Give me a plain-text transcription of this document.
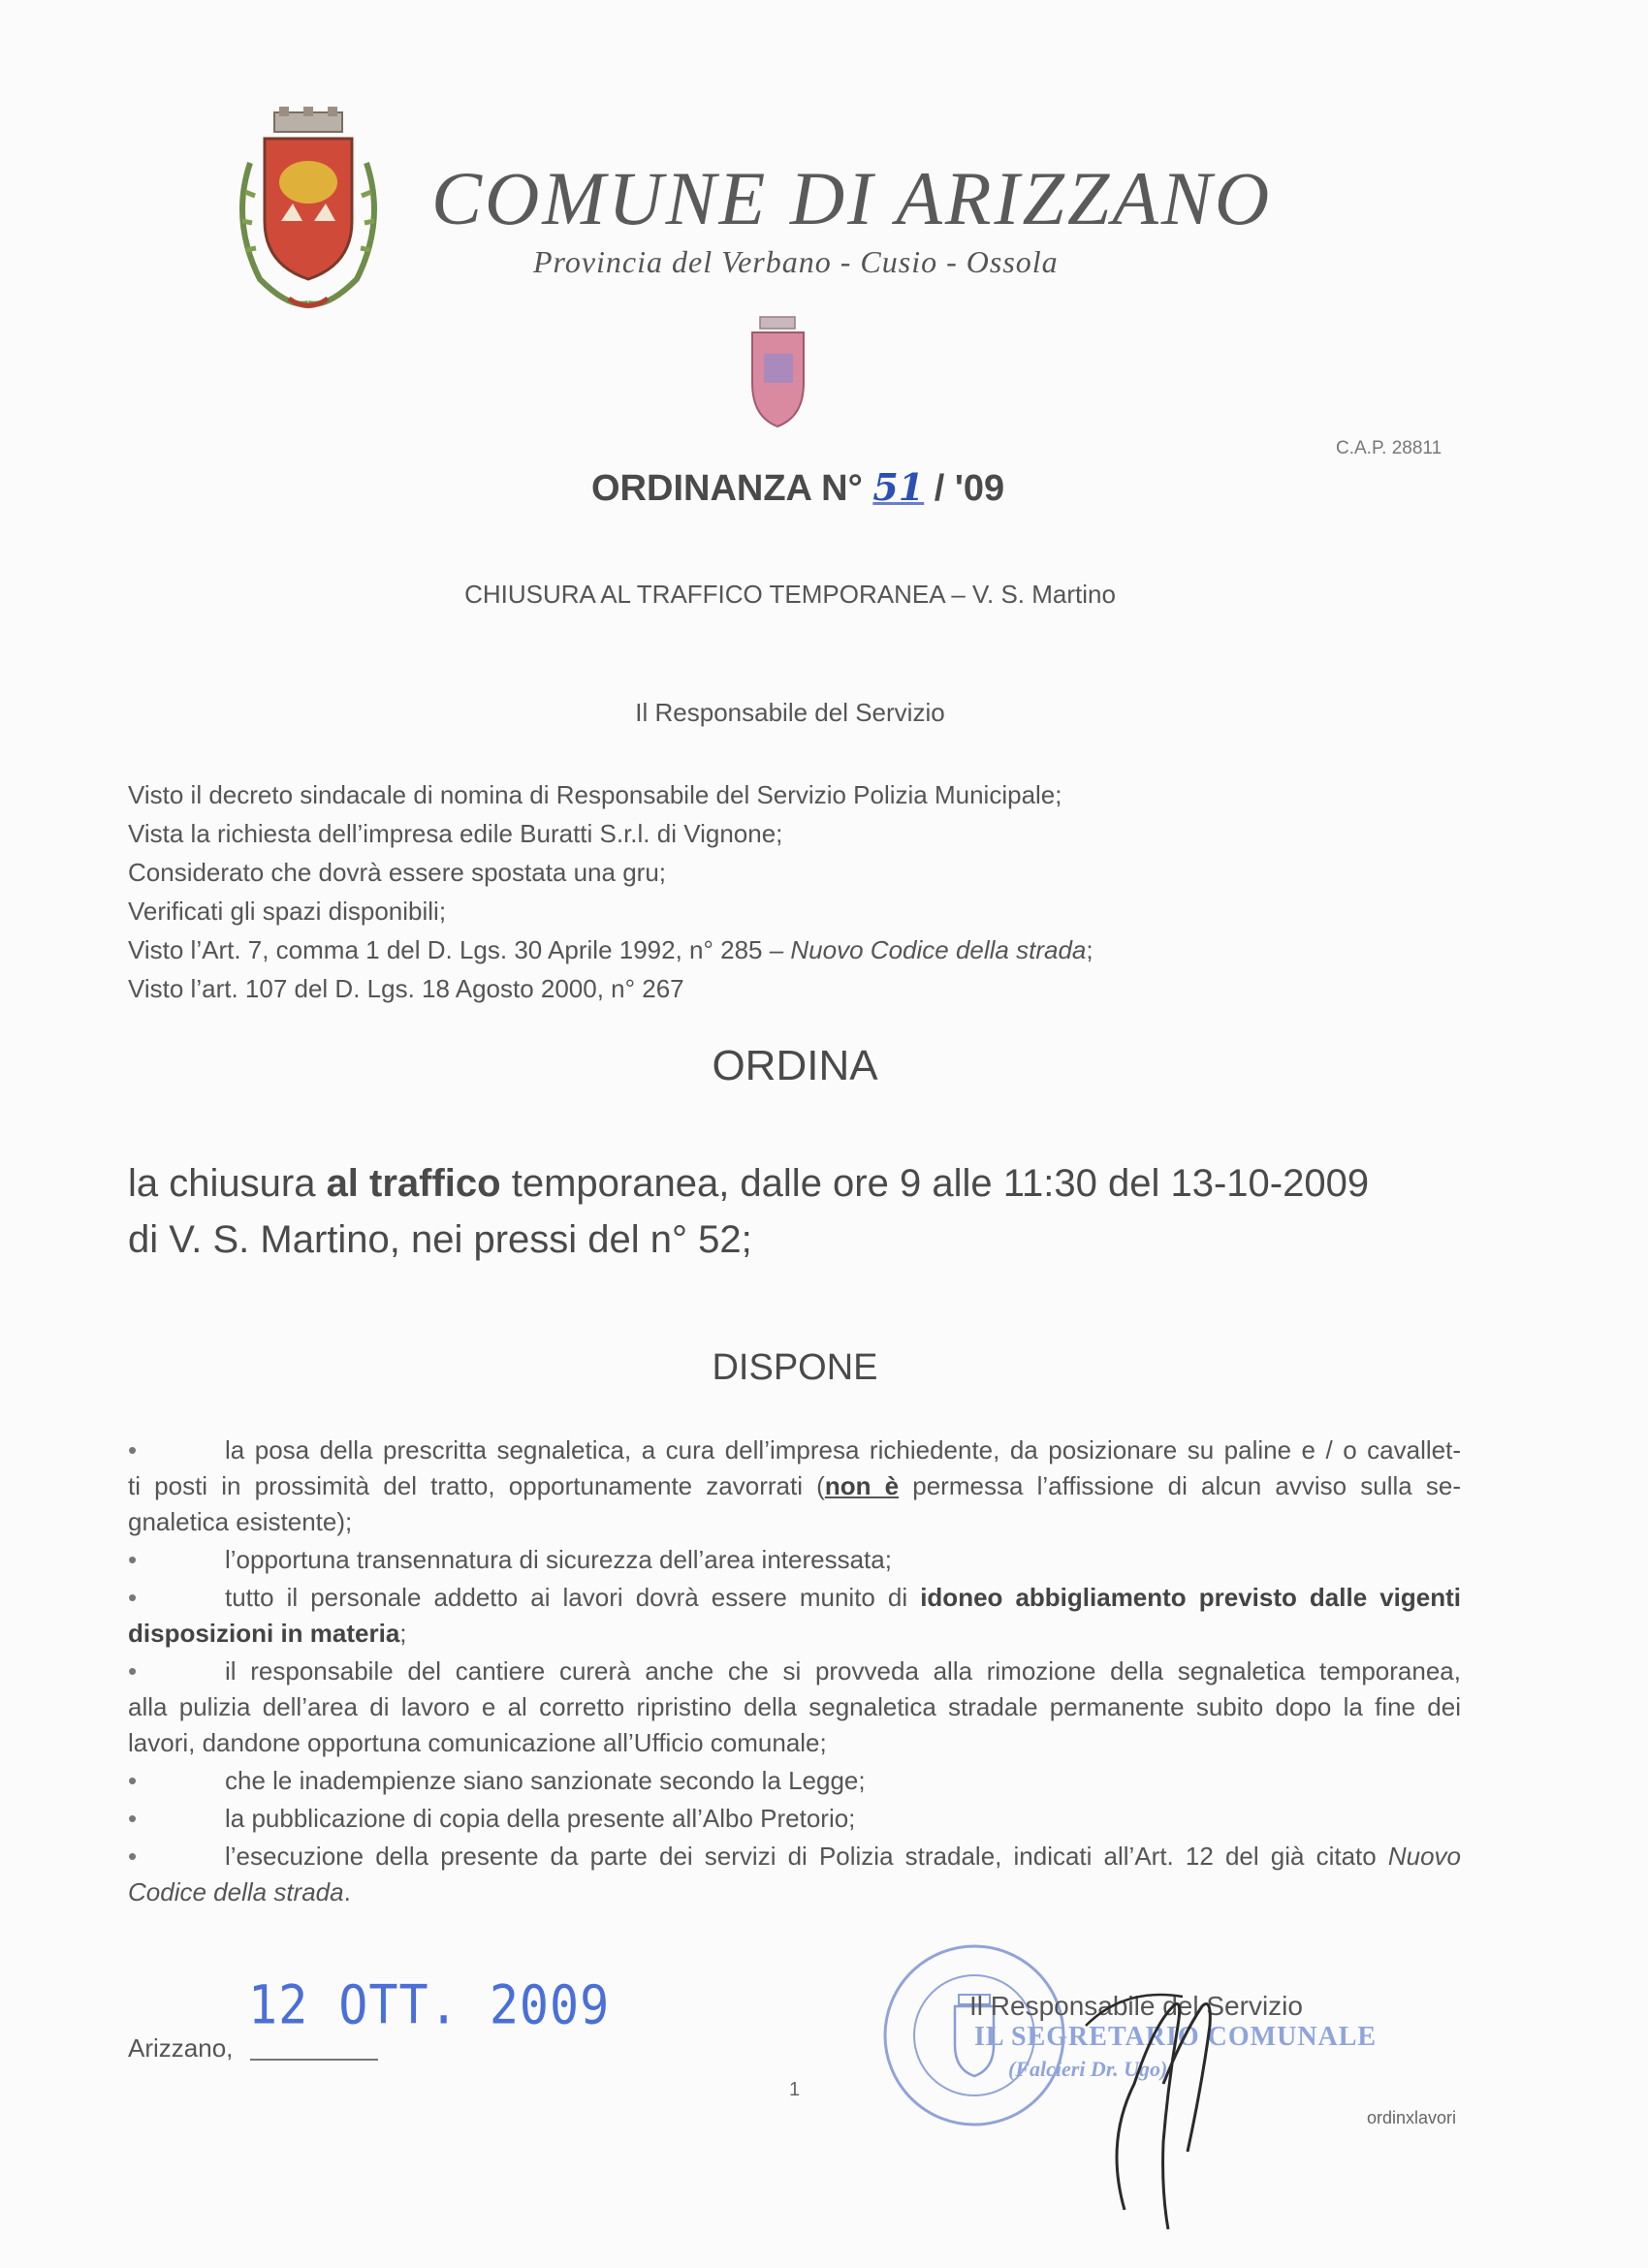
COMUNE DI ARIZZANO
Provincia del Verbano - Cusio - Ossola
C.A.P. 28811
ORDINANZA N° 51 / '09
CHIUSURA AL TRAFFICO TEMPORANEA – V. S. Martino
Il Responsabile del Servizio
Visto il decreto sindacale di nomina di Responsabile del Servizio Polizia Municipale;
Vista la richiesta dell’impresa edile Buratti S.r.l. di Vignone;
Considerato che dovrà essere spostata una gru;
Verificati gli spazi disponibili;
Visto l’Art. 7, comma 1 del D. Lgs. 30 Aprile 1992, n° 285 – Nuovo Codice della strada;
Visto l’art. 107 del D. Lgs. 18 Agosto 2000, n° 267
ORDINA
la chiusura al traffico temporanea, dalle ore 9 alle 11:30 del 13-10-2009
di V. S. Martino, nei pressi del n° 52;
DISPONE
•	la posa della prescritta segnaletica, a cura dell’impresa richiedente, da posizionare su paline e / o cavallet-
ti posti in prossimità del tratto, opportunamente zavorrati (non è permessa l’affissione di alcun avviso sulla se-
gnaletica esistente);
•	l’opportuna transennatura di sicurezza dell’area interessata;
•	tutto il personale addetto ai lavori dovrà essere munito di idoneo abbigliamento previsto dalle vigenti
disposizioni in materia;
•	il responsabile del cantiere curerà anche che si provveda alla rimozione della segnaletica temporanea,
alla pulizia dell’area di lavoro e al corretto ripristino della segnaletica stradale permanente subito dopo la fine dei
lavori, dandone opportuna comunicazione all’Ufficio comunale;
•	che le inadempienze siano sanzionate secondo la Legge;
•	la pubblicazione di copia della presente all’Albo Pretorio;
•	l’esecuzione della presente da parte dei servizi di Polizia stradale, indicati all’Art. 12 del già citato Nuovo
Codice della strada.
12 OTT. 2009
Arizzano,
Il Responsabile del Servizio
IL SEGRETARIO COMUNALE
(Falcieri Dr. Ugo)
1
ordinxlavori
